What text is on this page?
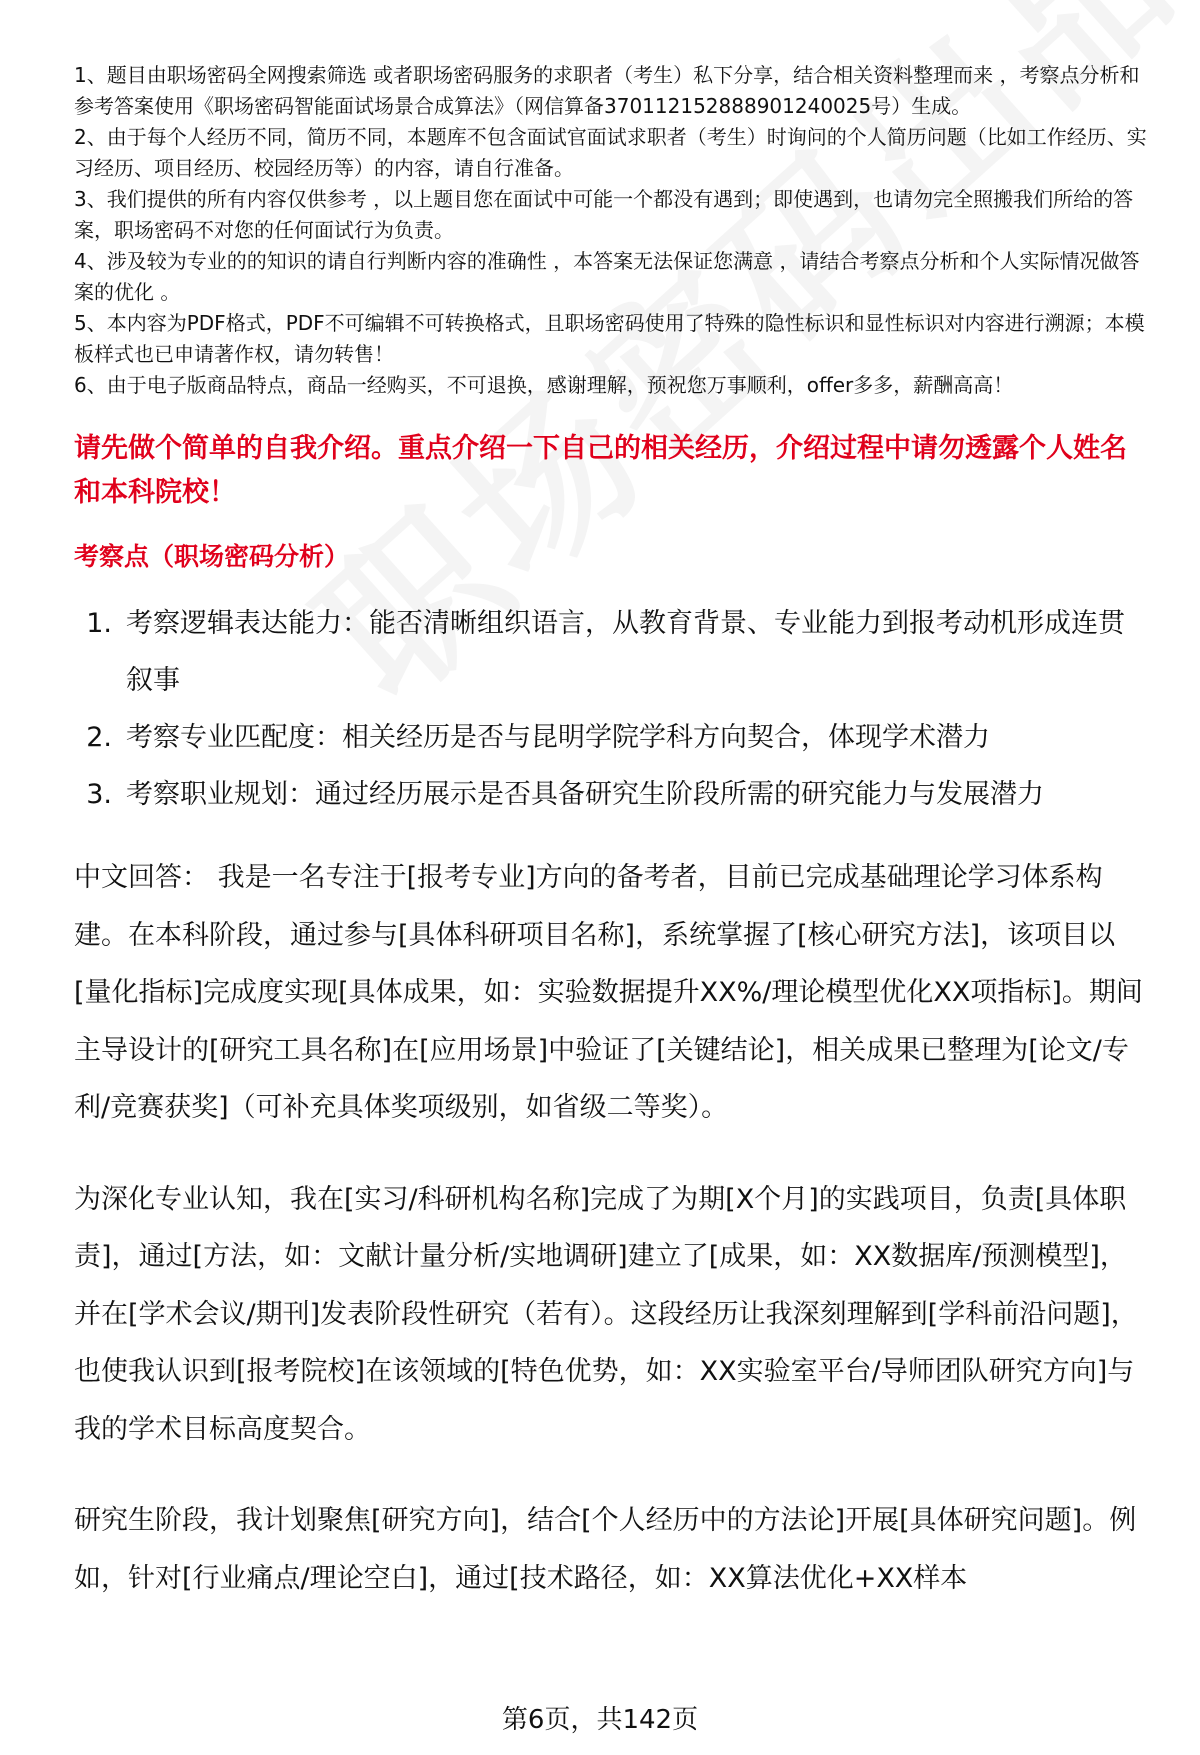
1、题目由职场密码全网搜索筛选 或者职场密码服务的求职者（考生）私下分享，结合相关资料整理而来 ，考察点分析和参考答案使用《职场密码智能面试场景合成算法》（网信算备370112152888901240025号）生成。

2、由于每个人经历不同，简历不同，本题库不包含面试官面试求职者（考生）时询问的个人简历问题（比如工作经历、实习经历、项目经历、校园经历等）的内容，请自行准备。

3、我们提供的所有内容仅供参考 ，以上题目您在面试中可能一个都没有遇到；即使遇到，也请勿完全照搬我们所给的答案，职场密码不对您的任何面试行为负责。

4、涉及较为专业的的知识的请自行判断内容的准确性 ，本答案无法保证您满意 ，请结合考察点分析和个人实际情况做答案的优化 。

5、本内容为PDF格式，PDF不可编辑不可转换格式，且职场密码使用了特殊的隐性标识和显性标识对内容进行溯源；本模板样式也已申请著作权，请勿转售！

6、由于电子版商品特点，商品一经购买，不可退换，感谢理解，预祝您万事顺利，offer多多，薪酬高高！

请先做个简单的自我介绍。重点介绍一下自己的相关经历，介绍过程中请勿透露个人姓名和本科院校！
考察点（职场密码分析）
1. 考察逻辑表达能力：能否清晰组织语言，从教育背景、专业能力到报考动机形成连贯叙事
2. 考察专业匹配度：相关经历是否与昆明学院学科方向契合，体现学术潜力
3. 考察职业规划：通过经历展示是否具备研究生阶段所需的研究能力与发展潜力

中文回答： 我是一名专注于[报考专业]方向的备考者，目前已完成基础理论学习体系构建。在本科阶段，通过参与[具体科研项目名称]，系统掌握了[核心研究方法]，该项目以[量化指标]完成度实现[具体成果，如：实验数据提升XX%/理论模型优化XX项指标]。期间主导设计的[研究工具名称]在[应用场景]中验证了[关键结论]，相关成果已整理为[论文/专利/竞赛获奖]（可补充具体奖项级别，如省级二等奖）。

为深化专业认知，我在[实习/科研机构名称]完成了为期[X个月]的实践项目，负责[具体职责]，通过[方法，如：文献计量分析/实地调研]建立了[成果，如：XX数据库/预测模型]，并在[学术会议/期刊]发表阶段性研究（若有）。这段经历让我深刻理解到[学科前沿问题]，也使我认识到[报考院校]在该领域的[特色优势，如：XX实验室平台/导师团队研究方向]与我的学术目标高度契合。

研究生阶段，我计划聚焦[研究方向]，结合[个人经历中的方法论]开展[具体研究问题]。例如，针对[行业痛点/理论空白]，通过[技术路径，如：XX算法优化+XX样本

第6页，共142页
